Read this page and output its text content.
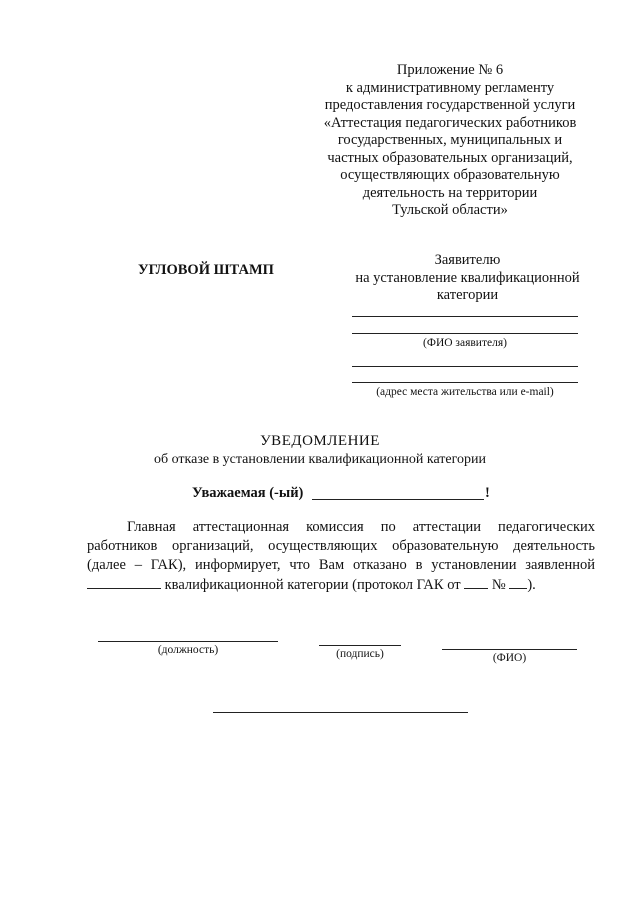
Приложение № 6
к административному регламенту
предоставления государственной услуги
«Аттестация педагогических работников
государственных, муниципальных и
частных образовательных организаций,
осуществляющих образовательную
деятельность на территории
Тульской области»
УГЛОВОЙ ШТАМП
Заявителю
на установление квалификационной
категории
(ФИО заявителя)
(адрес места жительства или e-mail)
УВЕДОМЛЕНИЕ
об отказе в установлении квалификационной категории
Уважаемая (-ый)	!

Главная аттестационная комиссия по аттестации педагогических

работников организаций, осуществляющих образовательную деятельность

(далее – ГАК), информирует, что Вам отказано в установлении заявленной

квалификационной категории (протокол ГАК от № ).
(должность)	(подпись)	(ФИО)
